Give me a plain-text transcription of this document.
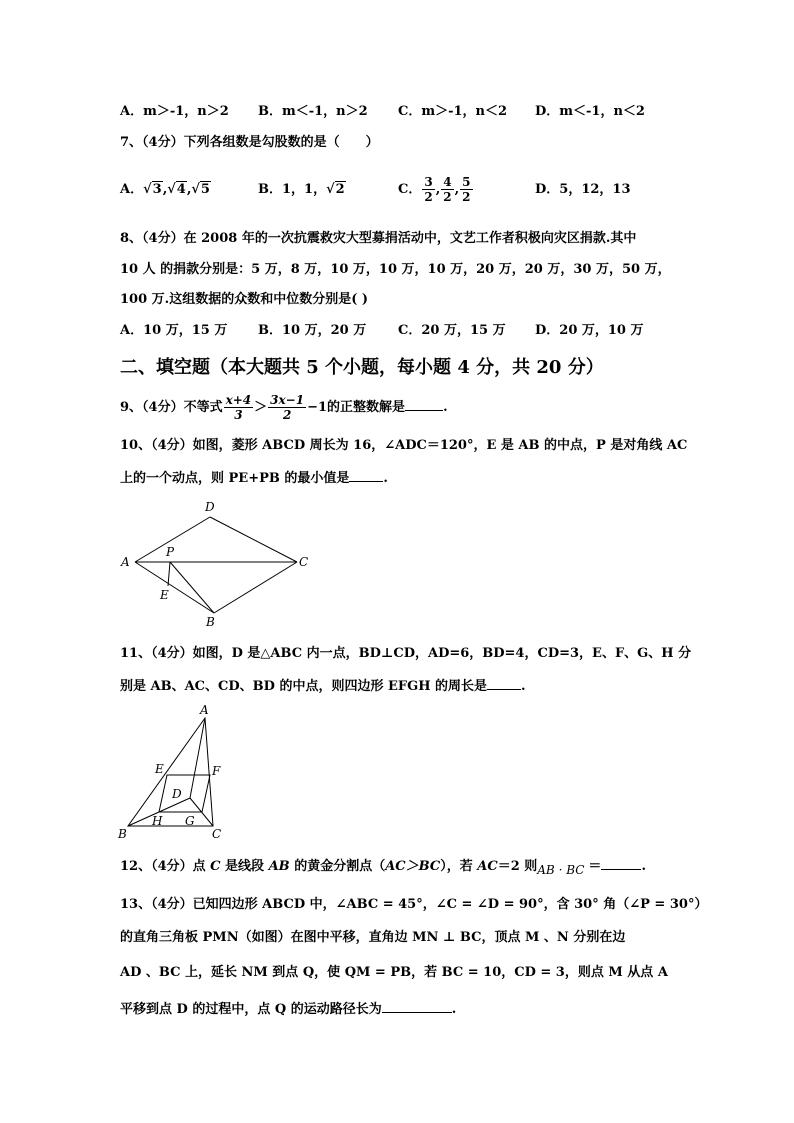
A．m＞-1，n＞2 B．m＜-1，n＞2 C．m＞-1，n＜2 D．m＜-1，n＜2
7、（4分）下列各组数是勾股数的是（　　）
A．√3,√4,√5	B．1，1，√2	C． $\frac{3}{2}$ , $\frac{4}{2}$ , $\frac{5}{2}$	D．5，12，13
8、（4分）在 2008 年的一次抗震救灾大型募捐活动中，文艺工作者积极向灾区捐款.其中
10 人 的捐款分别是：5 万，8 万，10 万，10 万，10 万，20 万，20 万，30 万，50 万，
100 万.这组数据的众数和中位数分别是( )
A．10 万，15 万 B．10 万，20 万 C．20 万，15 万 D．20 万，10 万
二、填空题（本大题共 5 个小题，每小题 4 分，共 20 分）
9、（4分）不等式 $\frac{x+4}{3} > \frac{3x-1}{2} -1$的正整数解是	.
10、（4分）如图，菱形 ABCD 周长为 16，∠ADC＝120°，E 是 AB 的中点，P 是对角线 AC
上的一个动点，则 PE+PB 的最小值是	.
D
A
P
C
E
B
11、（4分）如图，D 是△ABC 内一点，BD⊥CD，AD=6，BD=4，CD=3，E、F、G、H 分
别是 AB、AC、CD、BD 的中点，则四边形 EFGH 的周长是	.
A
E	F
D
H G
B	C
12、（4分）点 C 是线段 AB 的黄金分割点（AC＞BC），若 AC＝2 则AB · BC ＝	.
13、（4分）已知四边形 ABCD 中，∠ABC = 45°，∠C = ∠D = 90°，含 30° 角（∠P = 30°）
的直角三角板 PMN（如图）在图中平移，直角边 MN ⊥ BC，顶点 M 、N 分别在边
AD 、BC 上，延长 NM 到点 Q，使 QM = PB，若 BC = 10，CD = 3，则点 M 从点 A
平移到点 D 的过程中，点 Q 的运动路径长为	.
